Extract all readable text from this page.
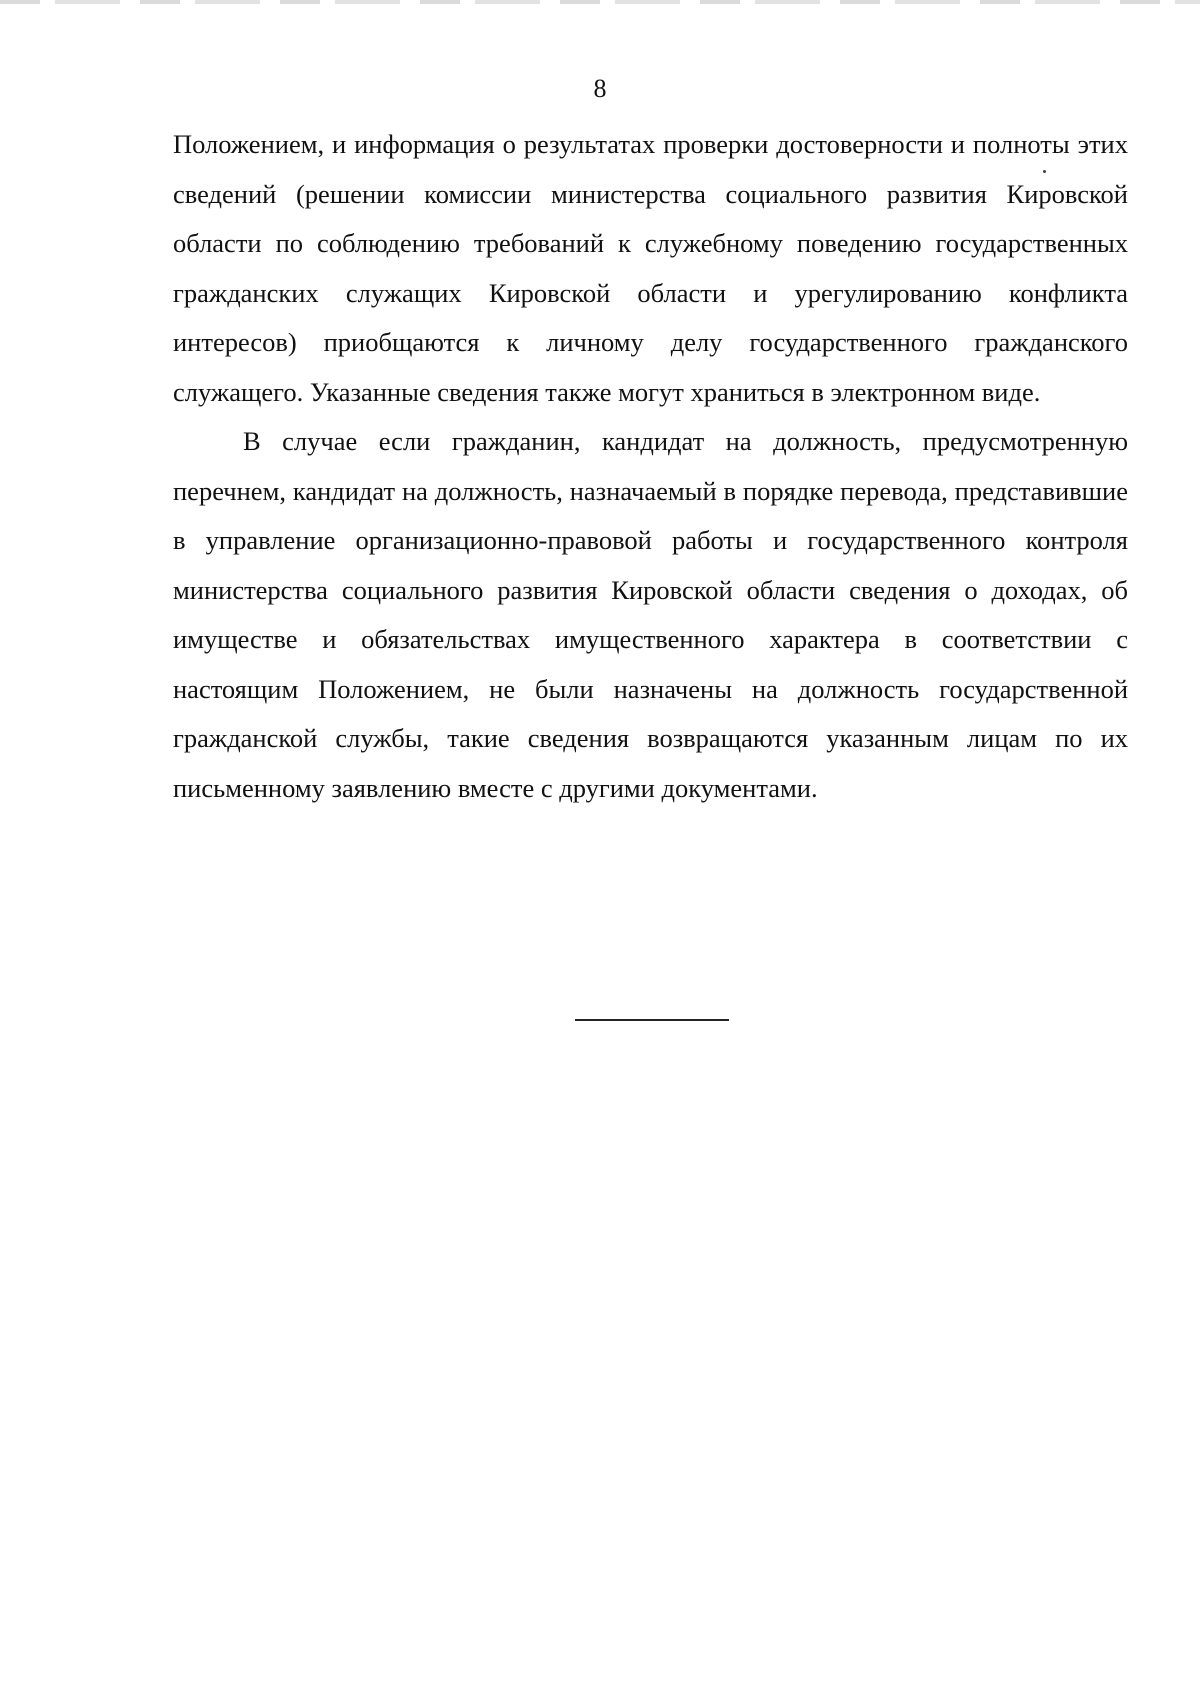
8

Положением, и информация о результатах проверки достоверности и полноты этих сведений (решении комиссии министерства социального развития Кировской области по соблюдению требований к служебному поведению государственных гражданских служащих Кировской области и урегулированию конфликта интересов) приобщаются к личному делу государственного гражданского служащего. Указанные сведения также могут храниться в электронном виде.

В случае если гражданин, кандидат на должность, предусмотренную перечнем, кандидат на должность, назначаемый в порядке перевода, представившие в управление организационно-правовой работы и государственного контроля министерства социального развития Кировской области сведения о доходах, об имуществе и обязательствах имущественного характера в соответствии с настоящим Положением, не были назначены на должность государственной гражданской службы, такие сведения возвращаются указанным лицам по их письменному заявлению вместе с другими документами.
